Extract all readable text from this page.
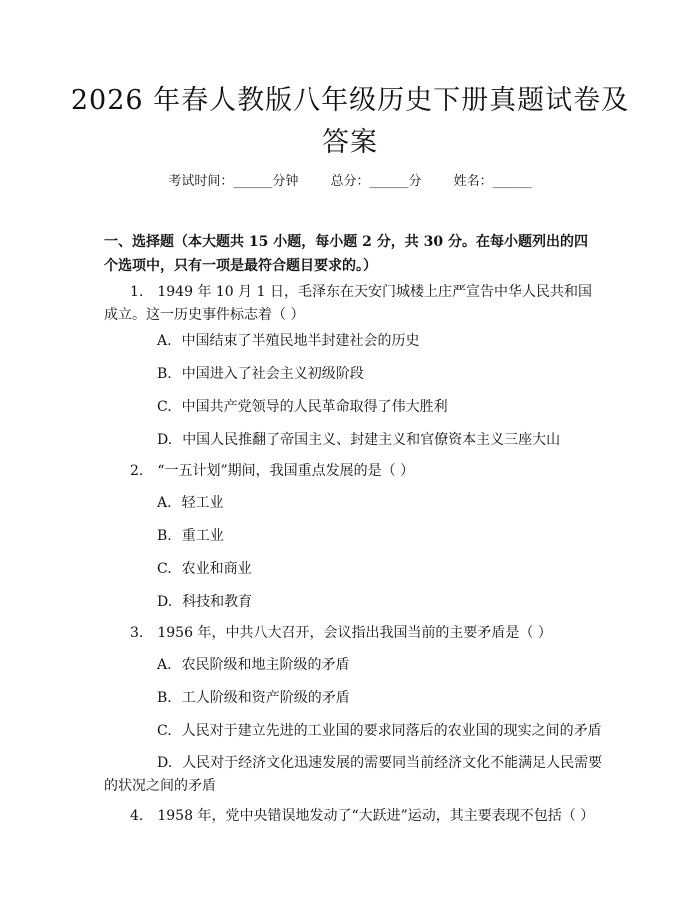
2026 年春人教版八年级历史下册真题试卷及答案
考试时间：______分钟 总分：______分 姓名：______
一、选择题（本大题共 15 小题，每小题 2 分，共 30 分。在每小题列出的四个选项中，只有一项是最符合题目要求的。）
1. 1949 年 10 月 1 日，毛泽东在天安门城楼上庄严宣告中华人民共和国成立。这一历史事件标志着（ ）
A. 中国结束了半殖民地半封建社会的历史
B. 中国进入了社会主义初级阶段
C. 中国共产党领导的人民革命取得了伟大胜利
D. 中国人民推翻了帝国主义、封建主义和官僚资本主义三座大山
2. “一五计划”期间，我国重点发展的是（ ）
A. 轻工业
B. 重工业
C. 农业和商业
D. 科技和教育
3. 1956 年，中共八大召开，会议指出我国当前的主要矛盾是（ ）
A. 农民阶级和地主阶级的矛盾
B. 工人阶级和资产阶级的矛盾
C. 人民对于建立先进的工业国的要求同落后的农业国的现实之间的矛盾
D. 人民对于经济文化迅速发展的需要同当前经济文化不能满足人民需要的状况之间的矛盾
4. 1958 年，党中央错误地发动了“大跃进”运动，其主要表现不包括（ ）
